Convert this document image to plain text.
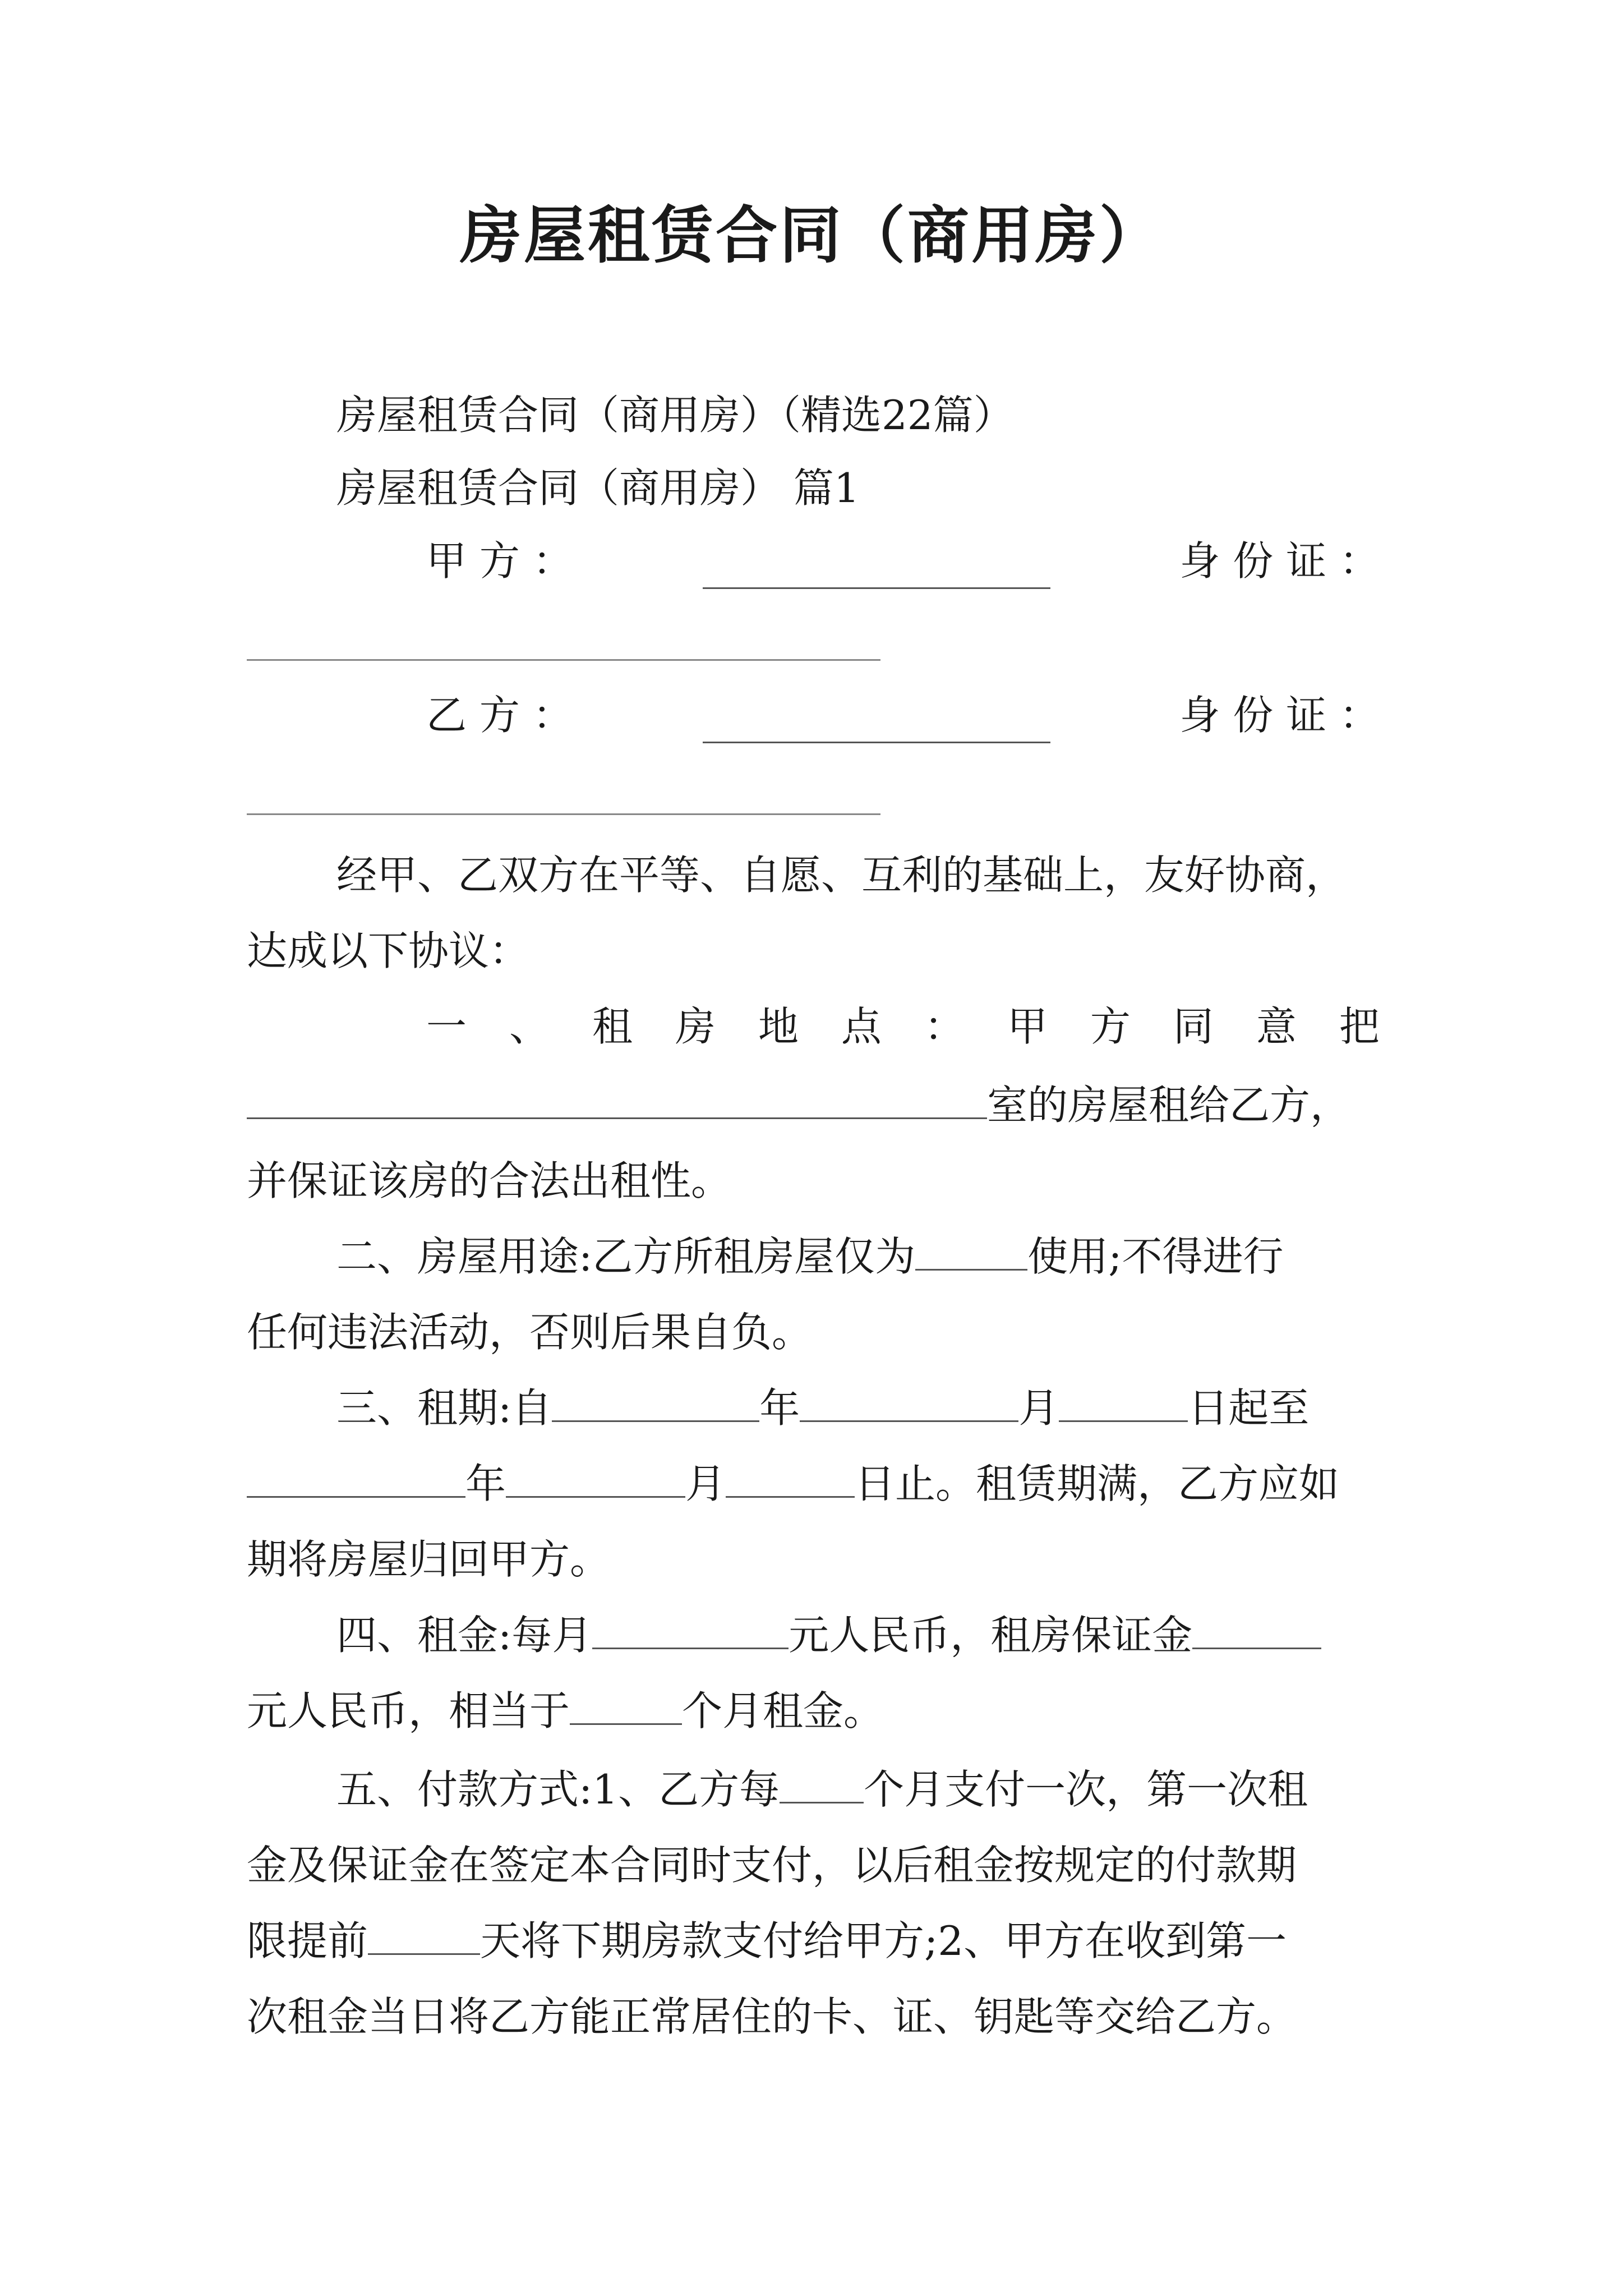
房屋租赁合同（商用房）
房屋租赁合同（商用房）（精选22篇）
房屋租赁合同（商用房） 篇1
甲 方 ：	身 份 证 ：
乙 方 ：	身 份 证 ：
经甲、乙双方在平等、自愿、互利的基础上，友好协商，
达成以下协议：
一 、 租 房 地 点 ： 甲 方 同 意 把
室的房屋租给乙方，
并保证该房的合法出租性。
二、房屋用途:乙方所租房屋仅为	使用;不得进行
任何违法活动，否则后果自负。
三、租期:自	年	月	日起至
年	月	日止。租赁期满，乙方应如
期将房屋归回甲方。
四、租金:每月	元人民币，租房保证金
元人民币，相当于	个月租金。
五、付款方式:1、乙方每 个月支付一次，第一次租
金及保证金在签定本合同时支付，以后租金按规定的付款期
限提前	天将下期房款支付给甲方;2、甲方在收到第一
次租金当日将乙方能正常居住的卡、证、钥匙等交给乙方。
